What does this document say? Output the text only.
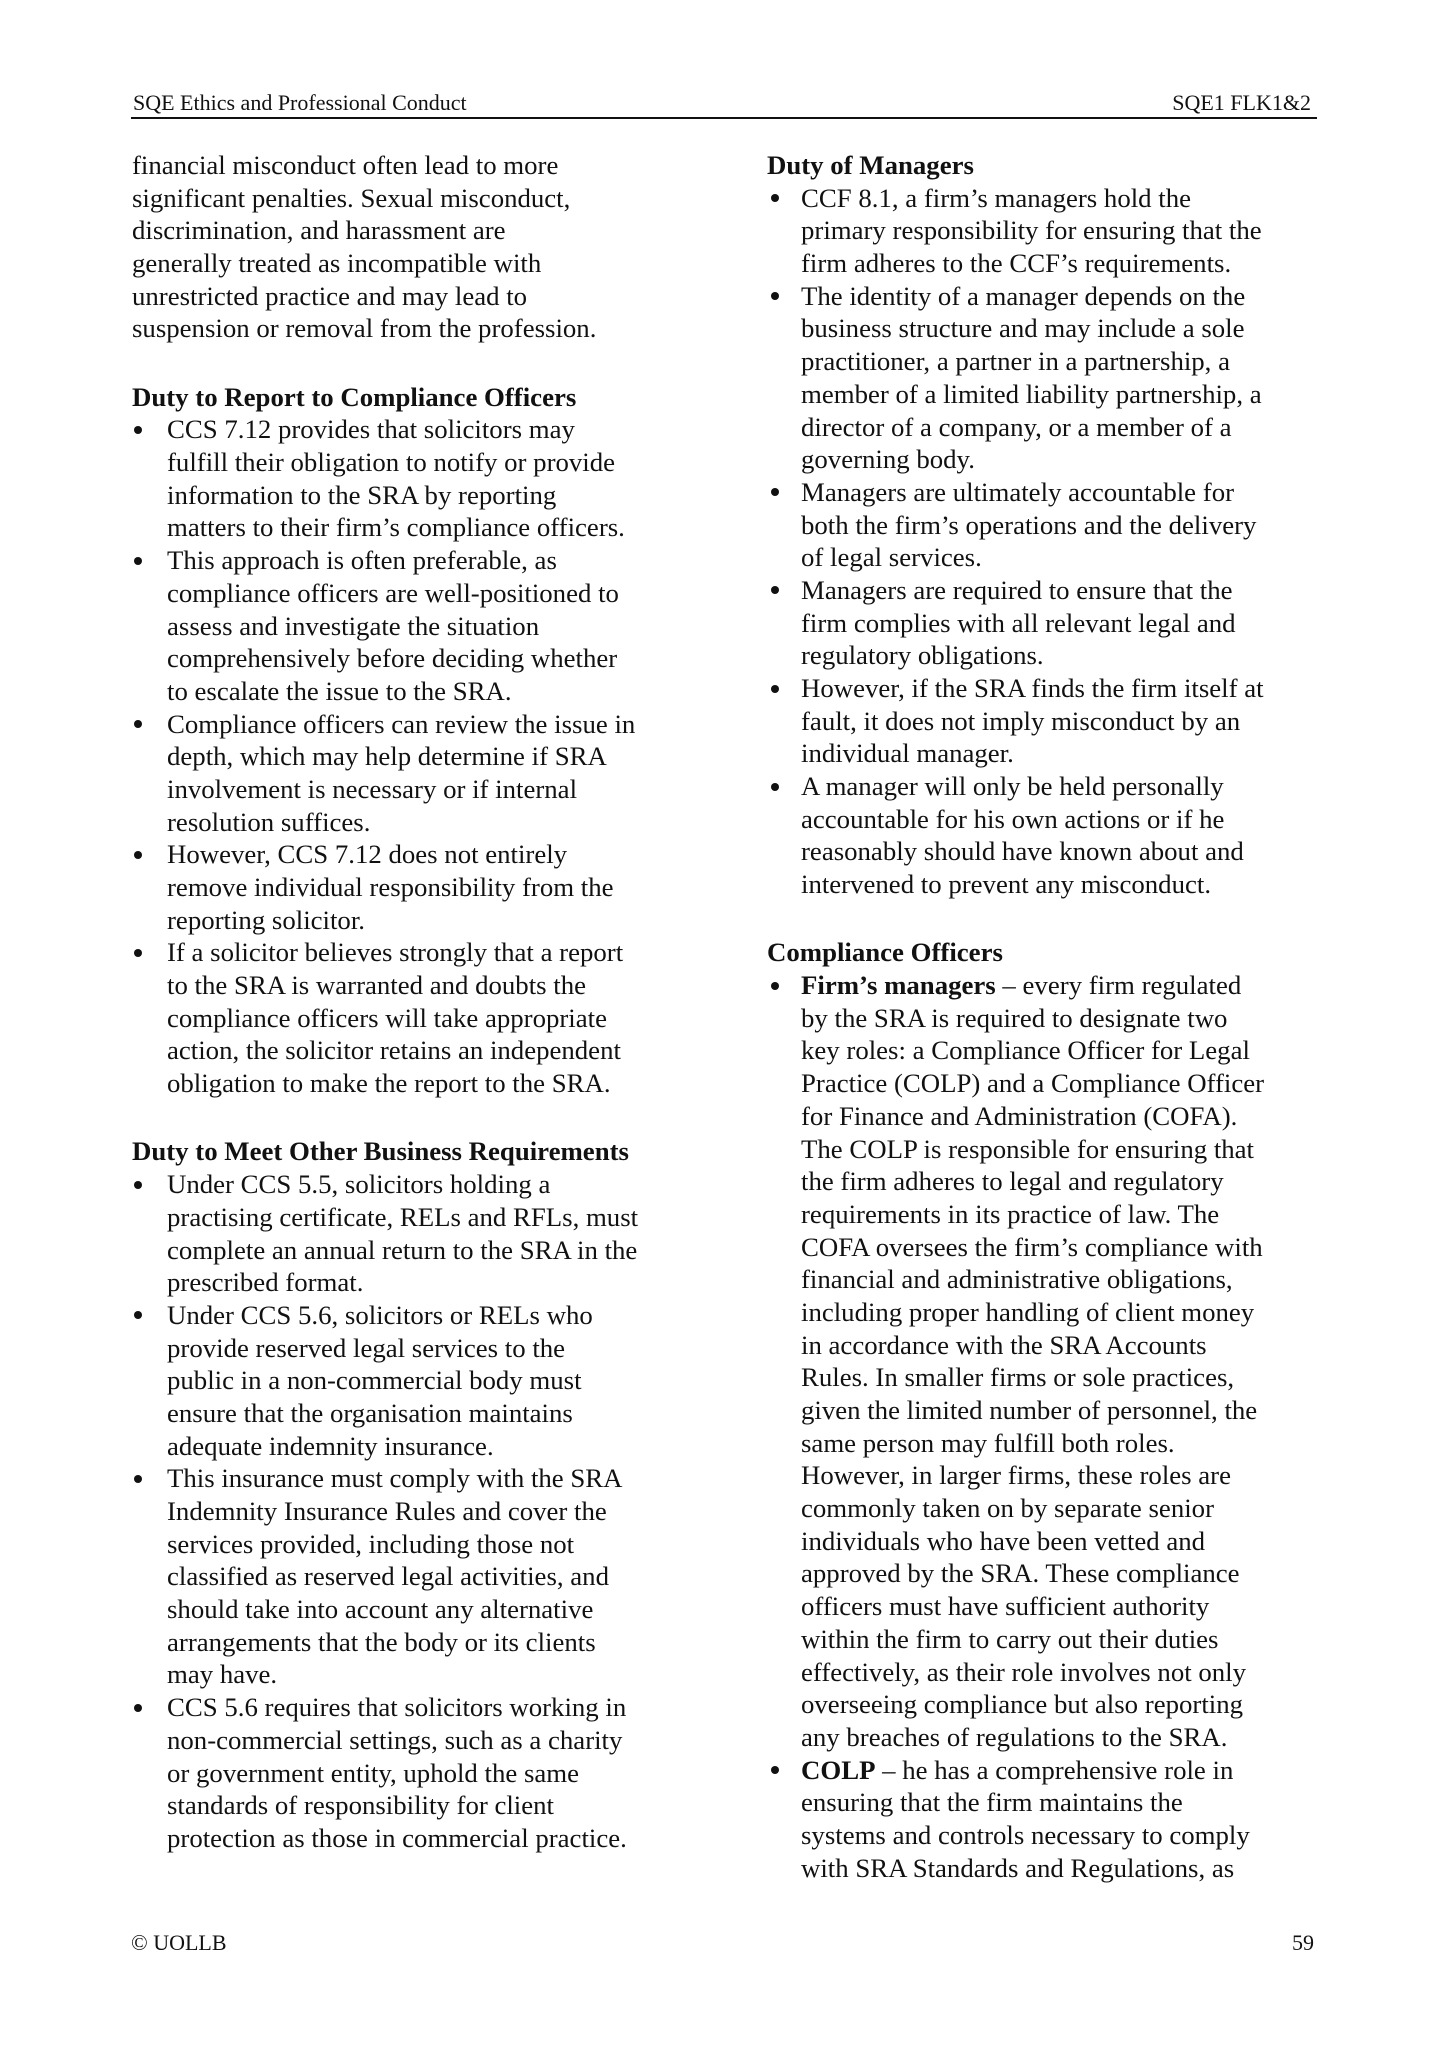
SQE Ethics and Professional Conduct	SQE1 FLK1&2
financial misconduct often lead to more
significant penalties. Sexual misconduct,
discrimination, and harassment are
generally treated as incompatible with
unrestricted practice and may lead to
suspension or removal from the profession.
Duty to Report to Compliance Officers
CCS 7.12 provides that solicitors may
fulfill their obligation to notify or provide
information to the SRA by reporting
matters to their firm’s compliance officers.
This approach is often preferable, as
compliance officers are well-positioned to
assess and investigate the situation
comprehensively before deciding whether
to escalate the issue to the SRA.
Compliance officers can review the issue in
depth, which may help determine if SRA
involvement is necessary or if internal
resolution suffices.
However, CCS 7.12 does not entirely
remove individual responsibility from the
reporting solicitor.
If a solicitor believes strongly that a report
to the SRA is warranted and doubts the
compliance officers will take appropriate
action, the solicitor retains an independent
obligation to make the report to the SRA.
Duty to Meet Other Business Requirements
Under CCS 5.5, solicitors holding a
practising certificate, RELs and RFLs, must
complete an annual return to the SRA in the
prescribed format.
Under CCS 5.6, solicitors or RELs who
provide reserved legal services to the
public in a non-commercial body must
ensure that the organisation maintains
adequate indemnity insurance.
This insurance must comply with the SRA
Indemnity Insurance Rules and cover the
services provided, including those not
classified as reserved legal activities, and
should take into account any alternative
arrangements that the body or its clients
may have.
CCS 5.6 requires that solicitors working in
non-commercial settings, such as a charity
or government entity, uphold the same
standards of responsibility for client
protection as those in commercial practice.
Duty of Managers
CCF 8.1, a firm’s managers hold the
primary responsibility for ensuring that the
firm adheres to the CCF’s requirements.
The identity of a manager depends on the
business structure and may include a sole
practitioner, a partner in a partnership, a
member of a limited liability partnership, a
director of a company, or a member of a
governing body.
Managers are ultimately accountable for
both the firm’s operations and the delivery
of legal services.
Managers are required to ensure that the
firm complies with all relevant legal and
regulatory obligations.
However, if the SRA finds the firm itself at
fault, it does not imply misconduct by an
individual manager.
A manager will only be held personally
accountable for his own actions or if he
reasonably should have known about and
intervened to prevent any misconduct.
Compliance Officers
Firm’s managers – every firm regulated
by the SRA is required to designate two
key roles: a Compliance Officer for Legal
Practice (COLP) and a Compliance Officer
for Finance and Administration (COFA).
The COLP is responsible for ensuring that
the firm adheres to legal and regulatory
requirements in its practice of law. The
COFA oversees the firm’s compliance with
financial and administrative obligations,
including proper handling of client money
in accordance with the SRA Accounts
Rules. In smaller firms or sole practices,
given the limited number of personnel, the
same person may fulfill both roles.
However, in larger firms, these roles are
commonly taken on by separate senior
individuals who have been vetted and
approved by the SRA. These compliance
officers must have sufficient authority
within the firm to carry out their duties
effectively, as their role involves not only
overseeing compliance but also reporting
any breaches of regulations to the SRA.
COLP – he has a comprehensive role in
ensuring that the firm maintains the
systems and controls necessary to comply
with SRA Standards and Regulations, as
© UOLLB	59
